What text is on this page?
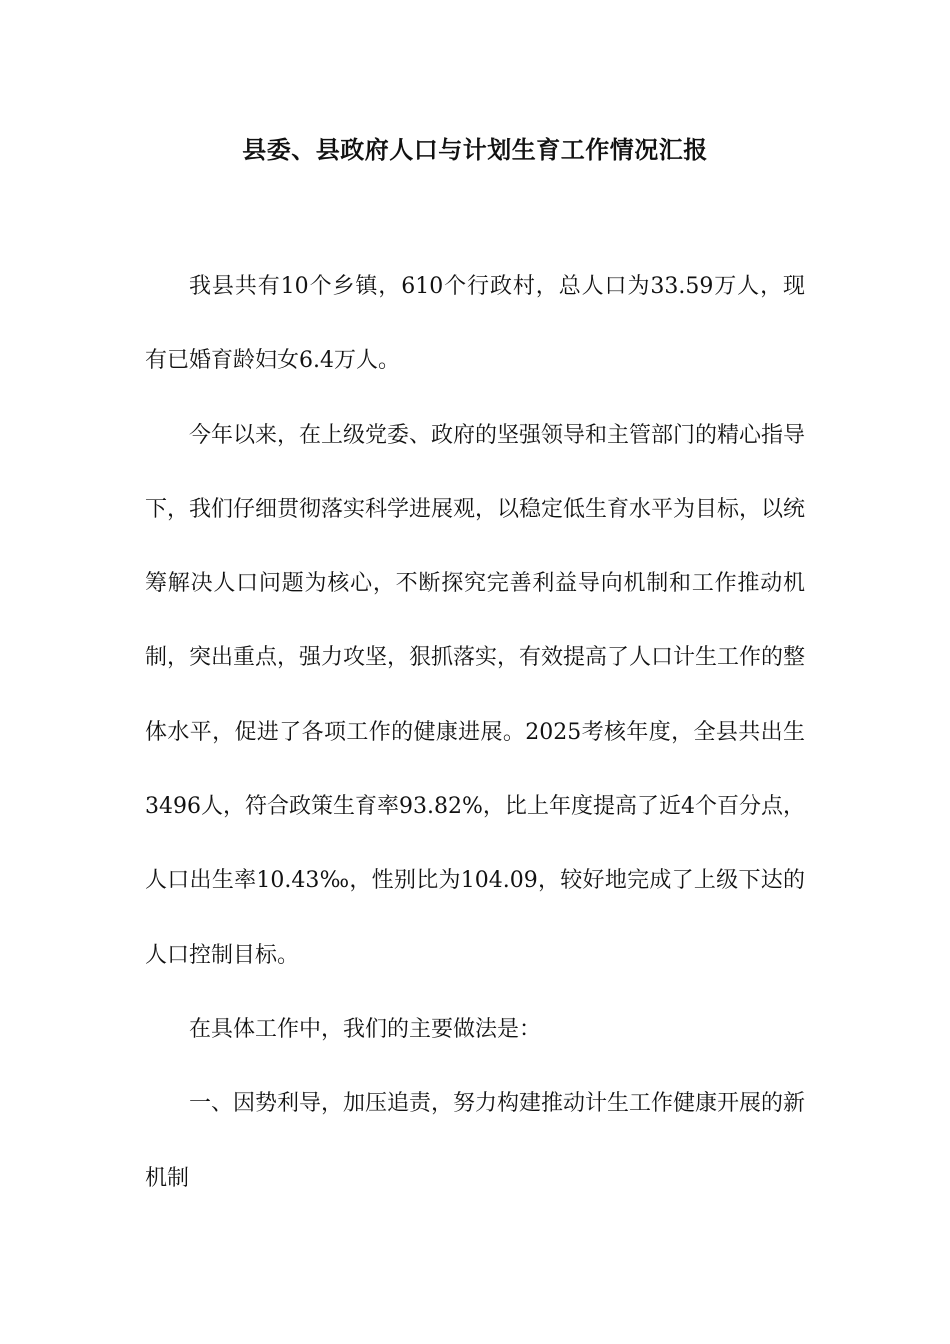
县委、县政府人口与计划生育工作情况汇报

我县共有10个乡镇，610个行政村，总人口为33.59万人，现有已婚育龄妇女6.4万人。

今年以来，在上级党委、政府的坚强领导和主管部门的精心指导下，我们仔细贯彻落实科学进展观，以稳定低生育水平为目标，以统筹解决人口问题为核心，不断探究完善利益导向机制和工作推动机制，突出重点，强力攻坚，狠抓落实，有效提高了人口计生工作的整体水平，促进了各项工作的健康进展。2025考核年度，全县共出生3496人，符合政策生育率93.82%，比上年度提高了近4个百分点，人口出生率10.43‰，性别比为104.09，较好地完成了上级下达的人口控制目标。

在具体工作中，我们的主要做法是：

一、因势利导，加压追责，努力构建推动计生工作健康开展的新机制
